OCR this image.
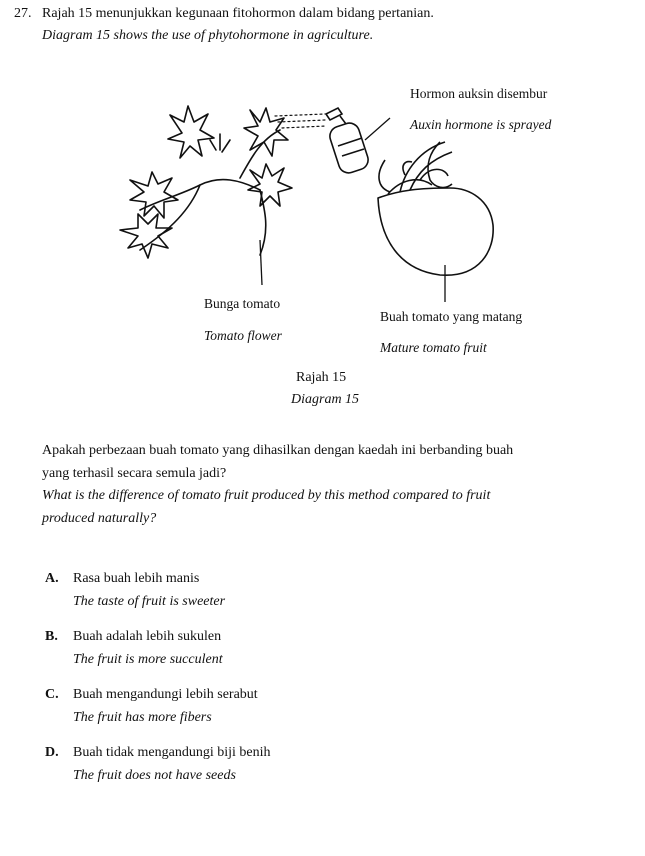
27. Rajah 15 menunjukkan kegunaan fitohormon dalam bidang pertanian.
Diagram 15 shows the use of phytohormone in agriculture.
Hormon auksin disembur
Auxin hormone is sprayed
Bunga tomato
Tomato flower
Buah tomato yang matang
Mature tomato fruit
Rajah 15
Diagram 15
Apakah perbezaan buah tomato yang dihasilkan dengan kaedah ini berbanding buah
yang terhasil secara semula jadi?
What is the difference of tomato fruit produced by this method compared to fruit
produced naturally?
A. Rasa buah lebih manis
The taste of fruit is sweeter
B. Buah adalah lebih sukulen
The fruit is more succulent
C. Buah mengandungi lebih serabut
The fruit has more fibers
D. Buah tidak mengandungi biji benih
The fruit does not have seeds
